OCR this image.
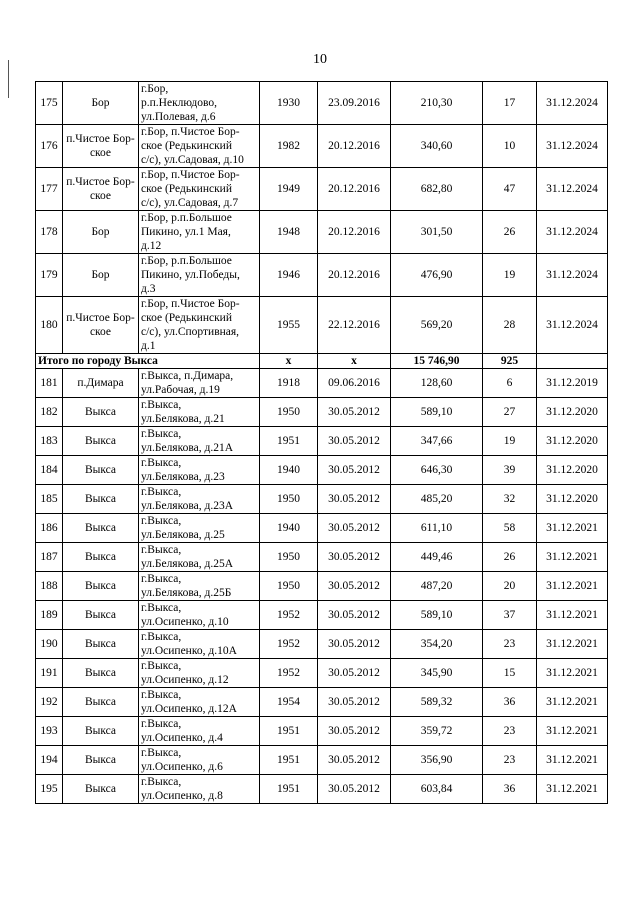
10
175	Бор	г.Бор,
р.п.Неклюдово,
ул.Полевая, д.6	1930	23.09.2016	210,30	17	31.12.2024
176	п.Чистое Бор-ское	г.Бор, п.Чистое Бор-
ское (Редькинский
с/с), ул.Садовая, д.10	1982	20.12.2016	340,60	10	31.12.2024
177	п.Чистое Бор-ское	г.Бор, п.Чистое Бор-
ское (Редькинский
с/с), ул.Садовая, д.7	1949	20.12.2016	682,80	47	31.12.2024
178	Бор	г.Бор, р.п.Большое
Пикино, ул.1 Мая,
д.12	1948	20.12.2016	301,50	26	31.12.2024
179	Бор	г.Бор, р.п.Большое
Пикино, ул.Победы,
д.3	1946	20.12.2016	476,90	19	31.12.2024
180	п.Чистое Бор-ское	г.Бор, п.Чистое Бор-
ское (Редькинский
с/с), ул.Спортивная,
д.1	1955	22.12.2016	569,20	28	31.12.2024
Итого по городу Выкса			х	х	15 746,90	925	
181	п.Димара	г.Выкса, п.Димара,
ул.Рабочая, д.19	1918	09.06.2016	128,60	6	31.12.2019
182	Выкса	г.Выкса,
ул.Белякова, д.21	1950	30.05.2012	589,10	27	31.12.2020
183	Выкса	г.Выкса,
ул.Белякова, д.21А	1951	30.05.2012	347,66	19	31.12.2020
184	Выкса	г.Выкса,
ул.Белякова, д.23	1940	30.05.2012	646,30	39	31.12.2020
185	Выкса	г.Выкса,
ул.Белякова, д.23А	1950	30.05.2012	485,20	32	31.12.2020
186	Выкса	г.Выкса,
ул.Белякова, д.25	1940	30.05.2012	611,10	58	31.12.2021
187	Выкса	г.Выкса,
ул.Белякова, д.25А	1950	30.05.2012	449,46	26	31.12.2021
188	Выкса	г.Выкса,
ул.Белякова, д.25Б	1950	30.05.2012	487,20	20	31.12.2021
189	Выкса	г.Выкса,
ул.Осипенко, д.10	1952	30.05.2012	589,10	37	31.12.2021
190	Выкса	г.Выкса,
ул.Осипенко, д.10А	1952	30.05.2012	354,20	23	31.12.2021
191	Выкса	г.Выкса,
ул.Осипенко, д.12	1952	30.05.2012	345,90	15	31.12.2021
192	Выкса	г.Выкса,
ул.Осипенко, д.12А	1954	30.05.2012	589,32	36	31.12.2021
193	Выкса	г.Выкса,
ул.Осипенко, д.4	1951	30.05.2012	359,72	23	31.12.2021
194	Выкса	г.Выкса,
ул.Осипенко, д.6	1951	30.05.2012	356,90	23	31.12.2021
195	Выкса	г.Выкса,
ул.Осипенко, д.8	1951	30.05.2012	603,84	36	31.12.2021
